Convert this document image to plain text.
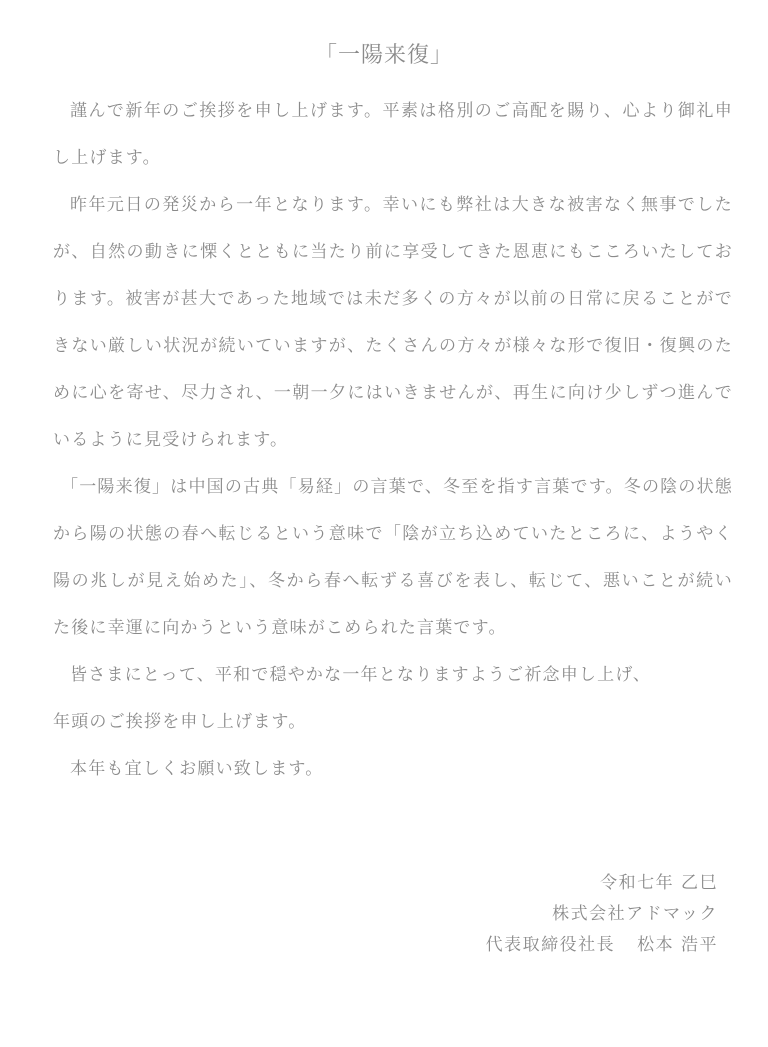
「一陽来復」

謹んで新年のご挨拶を申し上げます。平素は格別のご高配を賜り、心より御礼申し上げます。

昨年元日の発災から一年となります。幸いにも弊社は大きな被害なく無事でしたが、自然の動きに慄くとともに当たり前に享受してきた恩恵にもこころいたしております。被害が甚大であった地域では未だ多くの方々が以前の日常に戻ることができない厳しい状況が続いていますが、たくさんの方々が様々な形で復旧・復興のために心を寄せ、尽力され、一朝一夕にはいきませんが、再生に向け少しずつ進んでいるように見受けられます。

「一陽来復」は中国の古典「易経」の言葉で、冬至を指す言葉です。冬の陰の状態から陽の状態の春へ転じるという意味で「陰が立ち込めていたところに、ようやく陽の兆しが見え始めた」、冬から春へ転ずる喜びを表し、転じて、悪いことが続いた後に幸運に向かうという意味がこめられた言葉です。

皆さまにとって、平和で穏やかな一年となりますようご祈念申し上げ、

年頭のご挨拶を申し上げます。

本年も宜しくお願い致します。

令和七年 乙巳
株式会社アドマック
代表取締役社長 松本 浩平
